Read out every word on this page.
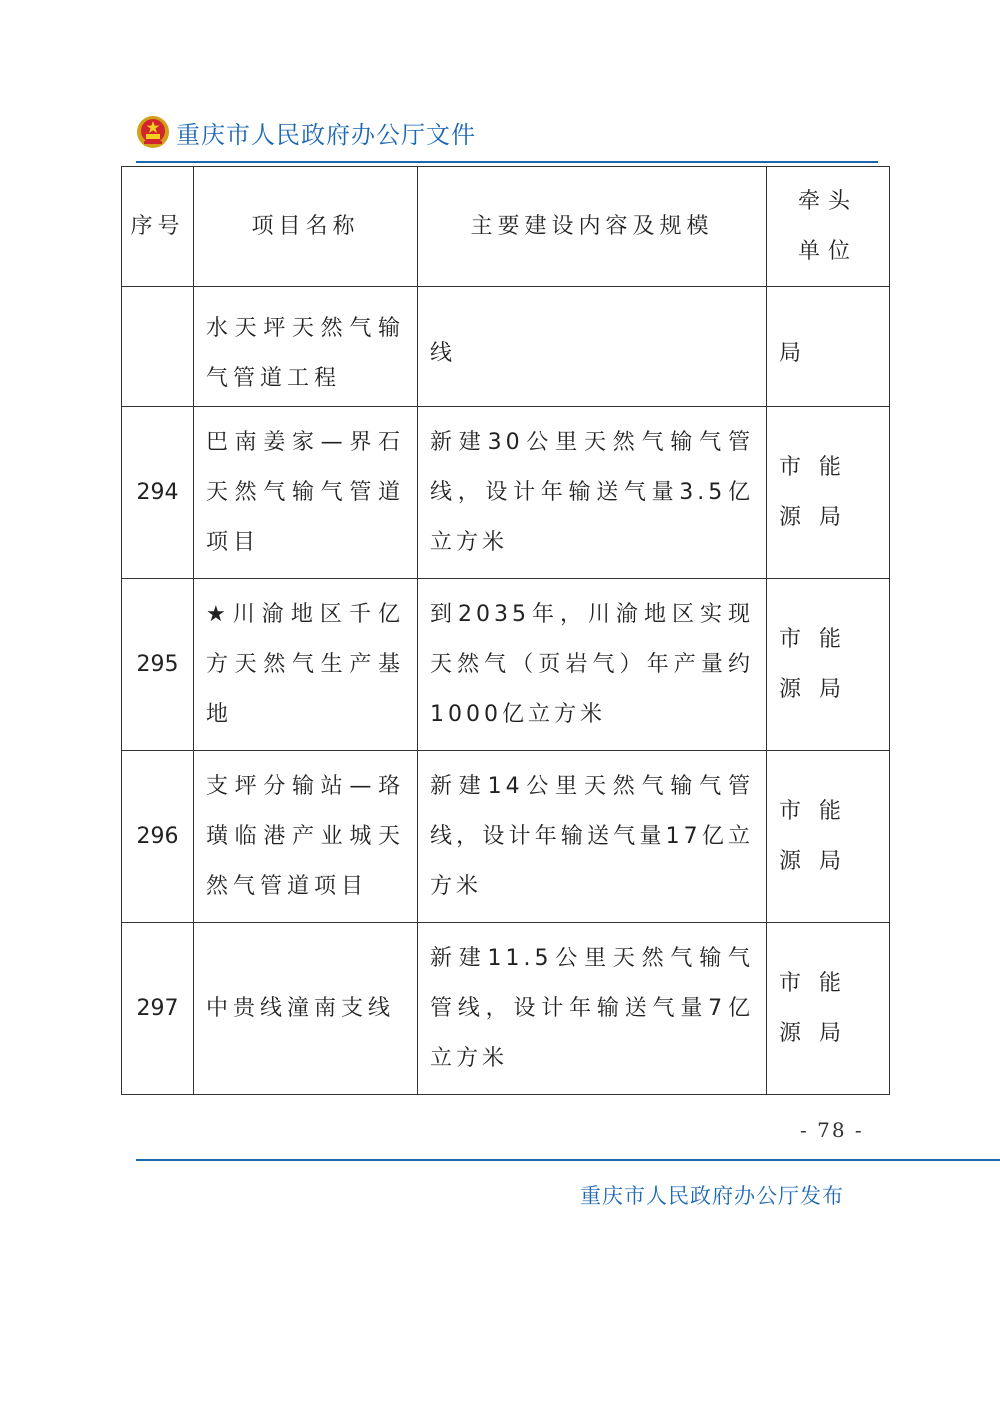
重庆市人民政府办公厅文件
序号	项目名称	主要建设内容及规模	牵头单位
	水天坪天然气输气管道工程	线	局
294	巴南姜家—界石天然气输气管道项目	新建30公里天然气输气管线，设计年输送气量3.5亿立方米	市能源局
295	★川渝地区千亿方天然气生产基地	到2035年，川渝地区实现天然气（页岩气）年产量约1000亿立方米	市能源局
296	支坪分输站—珞璜临港产业城天然气管道项目	新建14公里天然气输气管线，设计年输送气量17亿立方米	市能源局
297	中贵线潼南支线	新建11.5公里天然气输气管线，设计年输送气量7亿立方米	市能源局
- 78 -
重庆市人民政府办公厅发布
